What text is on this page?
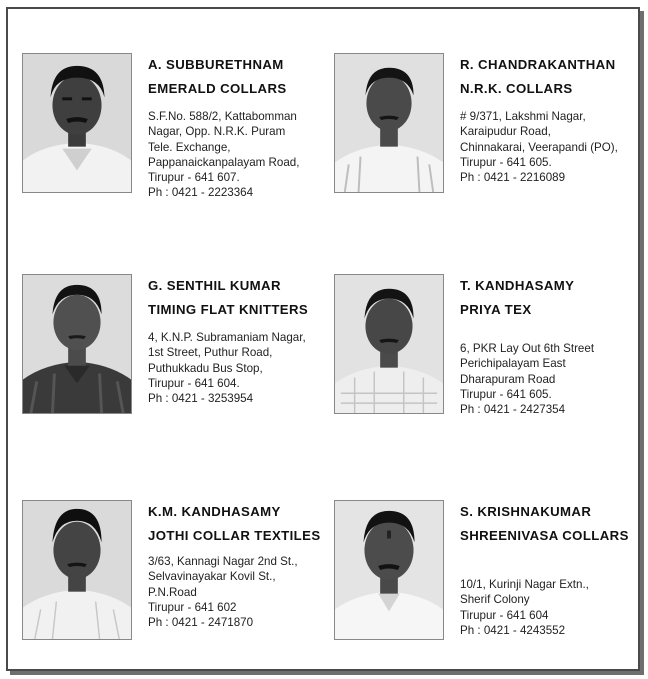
A. SUBBURETHNAM
EMERALD COLLARS
S.F.No. 588/2, Kattabomman
Nagar, Opp. N.R.K. Puram
Tele. Exchange,
Pappanaickanpalayam Road,
Tirupur - 641 607.
Ph : 0421 - 2223364
R. CHANDRAKANTHAN
N.R.K. COLLARS
# 9/371, Lakshmi Nagar,
Karaipudur Road,
Chinnakarai, Veerapandi (PO),
Tirupur - 641 605.
Ph : 0421 - 2216089
G. SENTHIL KUMAR
TIMING FLAT KNITTERS
4, K.N.P. Subramaniam Nagar,
1st Street, Puthur Road,
Puthukkadu Bus Stop,
Tirupur - 641 604.
Ph : 0421 - 3253954
T. KANDHASAMY
PRIYA TEX
6, PKR Lay Out 6th Street
Perichipalayam East
Dharapuram Road
Tirupur - 641 605.
Ph : 0421 - 2427354
K.M. KANDHASAMY
JOTHI COLLAR TEXTILES
3/63, Kannagi Nagar 2nd St.,
Selvavinayakar Kovil St.,
P.N.Road
Tirupur - 641 602
Ph : 0421 - 2471870
S. KRISHNAKUMAR
SHREENIVASA COLLARS
10/1, Kurinji Nagar Extn.,
Sherif Colony
Tirupur - 641 604
Ph : 0421 - 4243552
